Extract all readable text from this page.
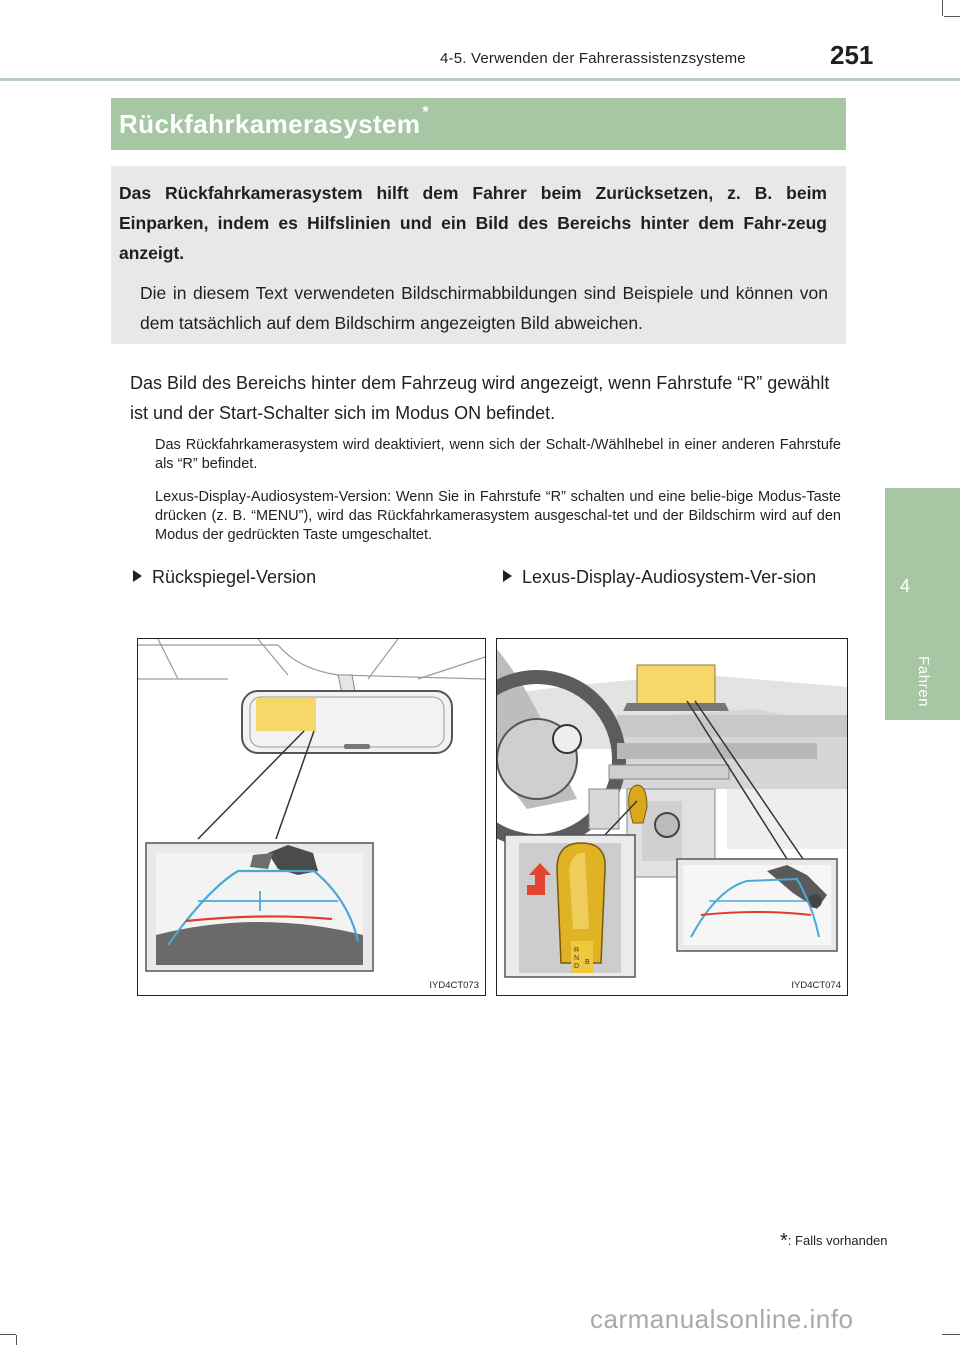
4-5. Verwenden der Fahrerassistenzsysteme	251
4
Fahren
Rückfahrkamerasystem *
Das Rückfahrkamerasystem hilft dem Fahrer beim Zurücksetzen, z. B. beim Einparken, indem es Hilfslinien und ein Bild des Bereichs hinter dem Fahr-zeug anzeigt.
Die in diesem Text verwendeten Bildschirmabbildungen sind Beispiele und können von dem tatsächlich auf dem Bildschirm angezeigten Bild abweichen.
Das Bild des Bereichs hinter dem Fahrzeug wird angezeigt, wenn Fahrstufe “R” gewählt ist und der Start-Schalter sich im Modus ON befindet.
Das Rückfahrkamerasystem wird deaktiviert, wenn sich der Schalt-/Wählhebel in einer anderen Fahrstufe als “R” befindet.
Lexus-Display-Audiosystem-Version: Wenn Sie in Fahrstufe “R” schalten und eine belie-bige Modus-Taste drücken (z. B. “MENU”), wird das Rückfahrkamerasystem ausgeschal-tet und der Bildschirm wird auf den Modus der gedrückten Taste umgeschaltet.
Rückspiegel-Version	Lexus-Display-Audiosystem-Ver-sion
IYD4CT073
R
N
D
B
IYD4CT074
*: Falls vorhanden
carmanualsonline.info
